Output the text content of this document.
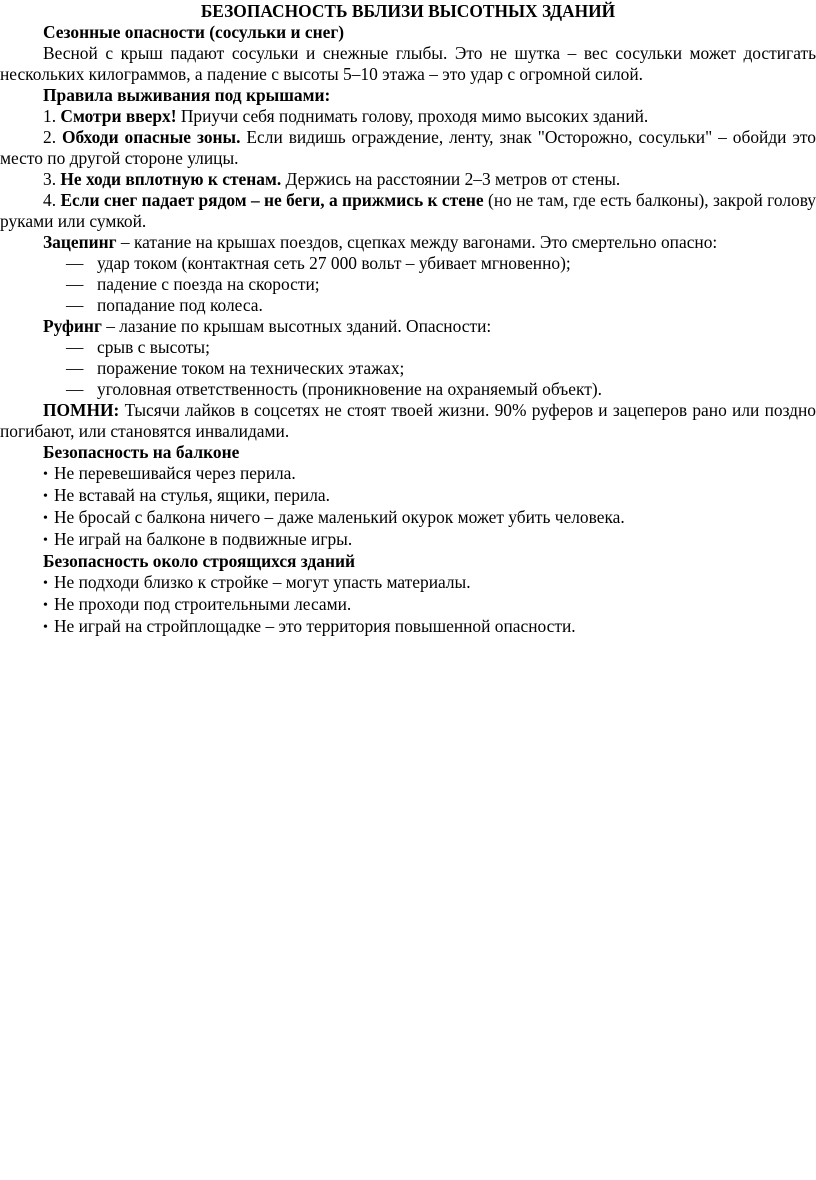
БЕЗОПАСНОСТЬ ВБЛИЗИ ВЫСОТНЫХ ЗДАНИЙ

Сезонные опасности (сосульки и снег)

Весной с крыш падают сосульки и снежные глыбы. Это не шутка – вес сосульки может достигать нескольких килограммов, а падение с высоты 5–10 этажа – это удар с огромной силой.

Правила выживания под крышами:

1. Смотри вверх! Приучи себя поднимать голову, проходя мимо высоких зданий.

2. Обходи опасные зоны. Если видишь ограждение, ленту, знак "Осторожно, сосульки" – обойди это место по другой стороне улицы.

3. Не ходи вплотную к стенам. Держись на расстоянии 2–3 метров от стены.

4. Если снег падает рядом – не беги, а прижмись к стене (но не там, где есть балконы), закрой голову руками или сумкой.

Зацепинг – катание на крышах поездов, сцепках между вагонами. Это смертельно опасно:

— удар током (контактная сеть 27 000 вольт – убивает мгновенно);

— падение с поезда на скорости;

— попадание под колеса.

Руфинг – лазание по крышам высотных зданий. Опасности:

— срыв с высоты;

— поражение током на технических этажах;

— уголовная ответственность (проникновение на охраняемый объект).

ПОМНИ: Тысячи лайков в соцсетях не стоят твоей жизни. 90% руферов и зацеперов рано или поздно погибают, или становятся инвалидами.

Безопасность на балконе

• Не перевешивайся через перила.

• Не вставай на стулья, ящики, перила.

• Не бросай с балкона ничего – даже маленький окурок может убить человека.

• Не играй на балконе в подвижные игры.

Безопасность около строящихся зданий

• Не подходи близко к стройке – могут упасть материалы.

• Не проходи под строительными лесами.

• Не играй на стройплощадке – это территория повышенной опасности.
